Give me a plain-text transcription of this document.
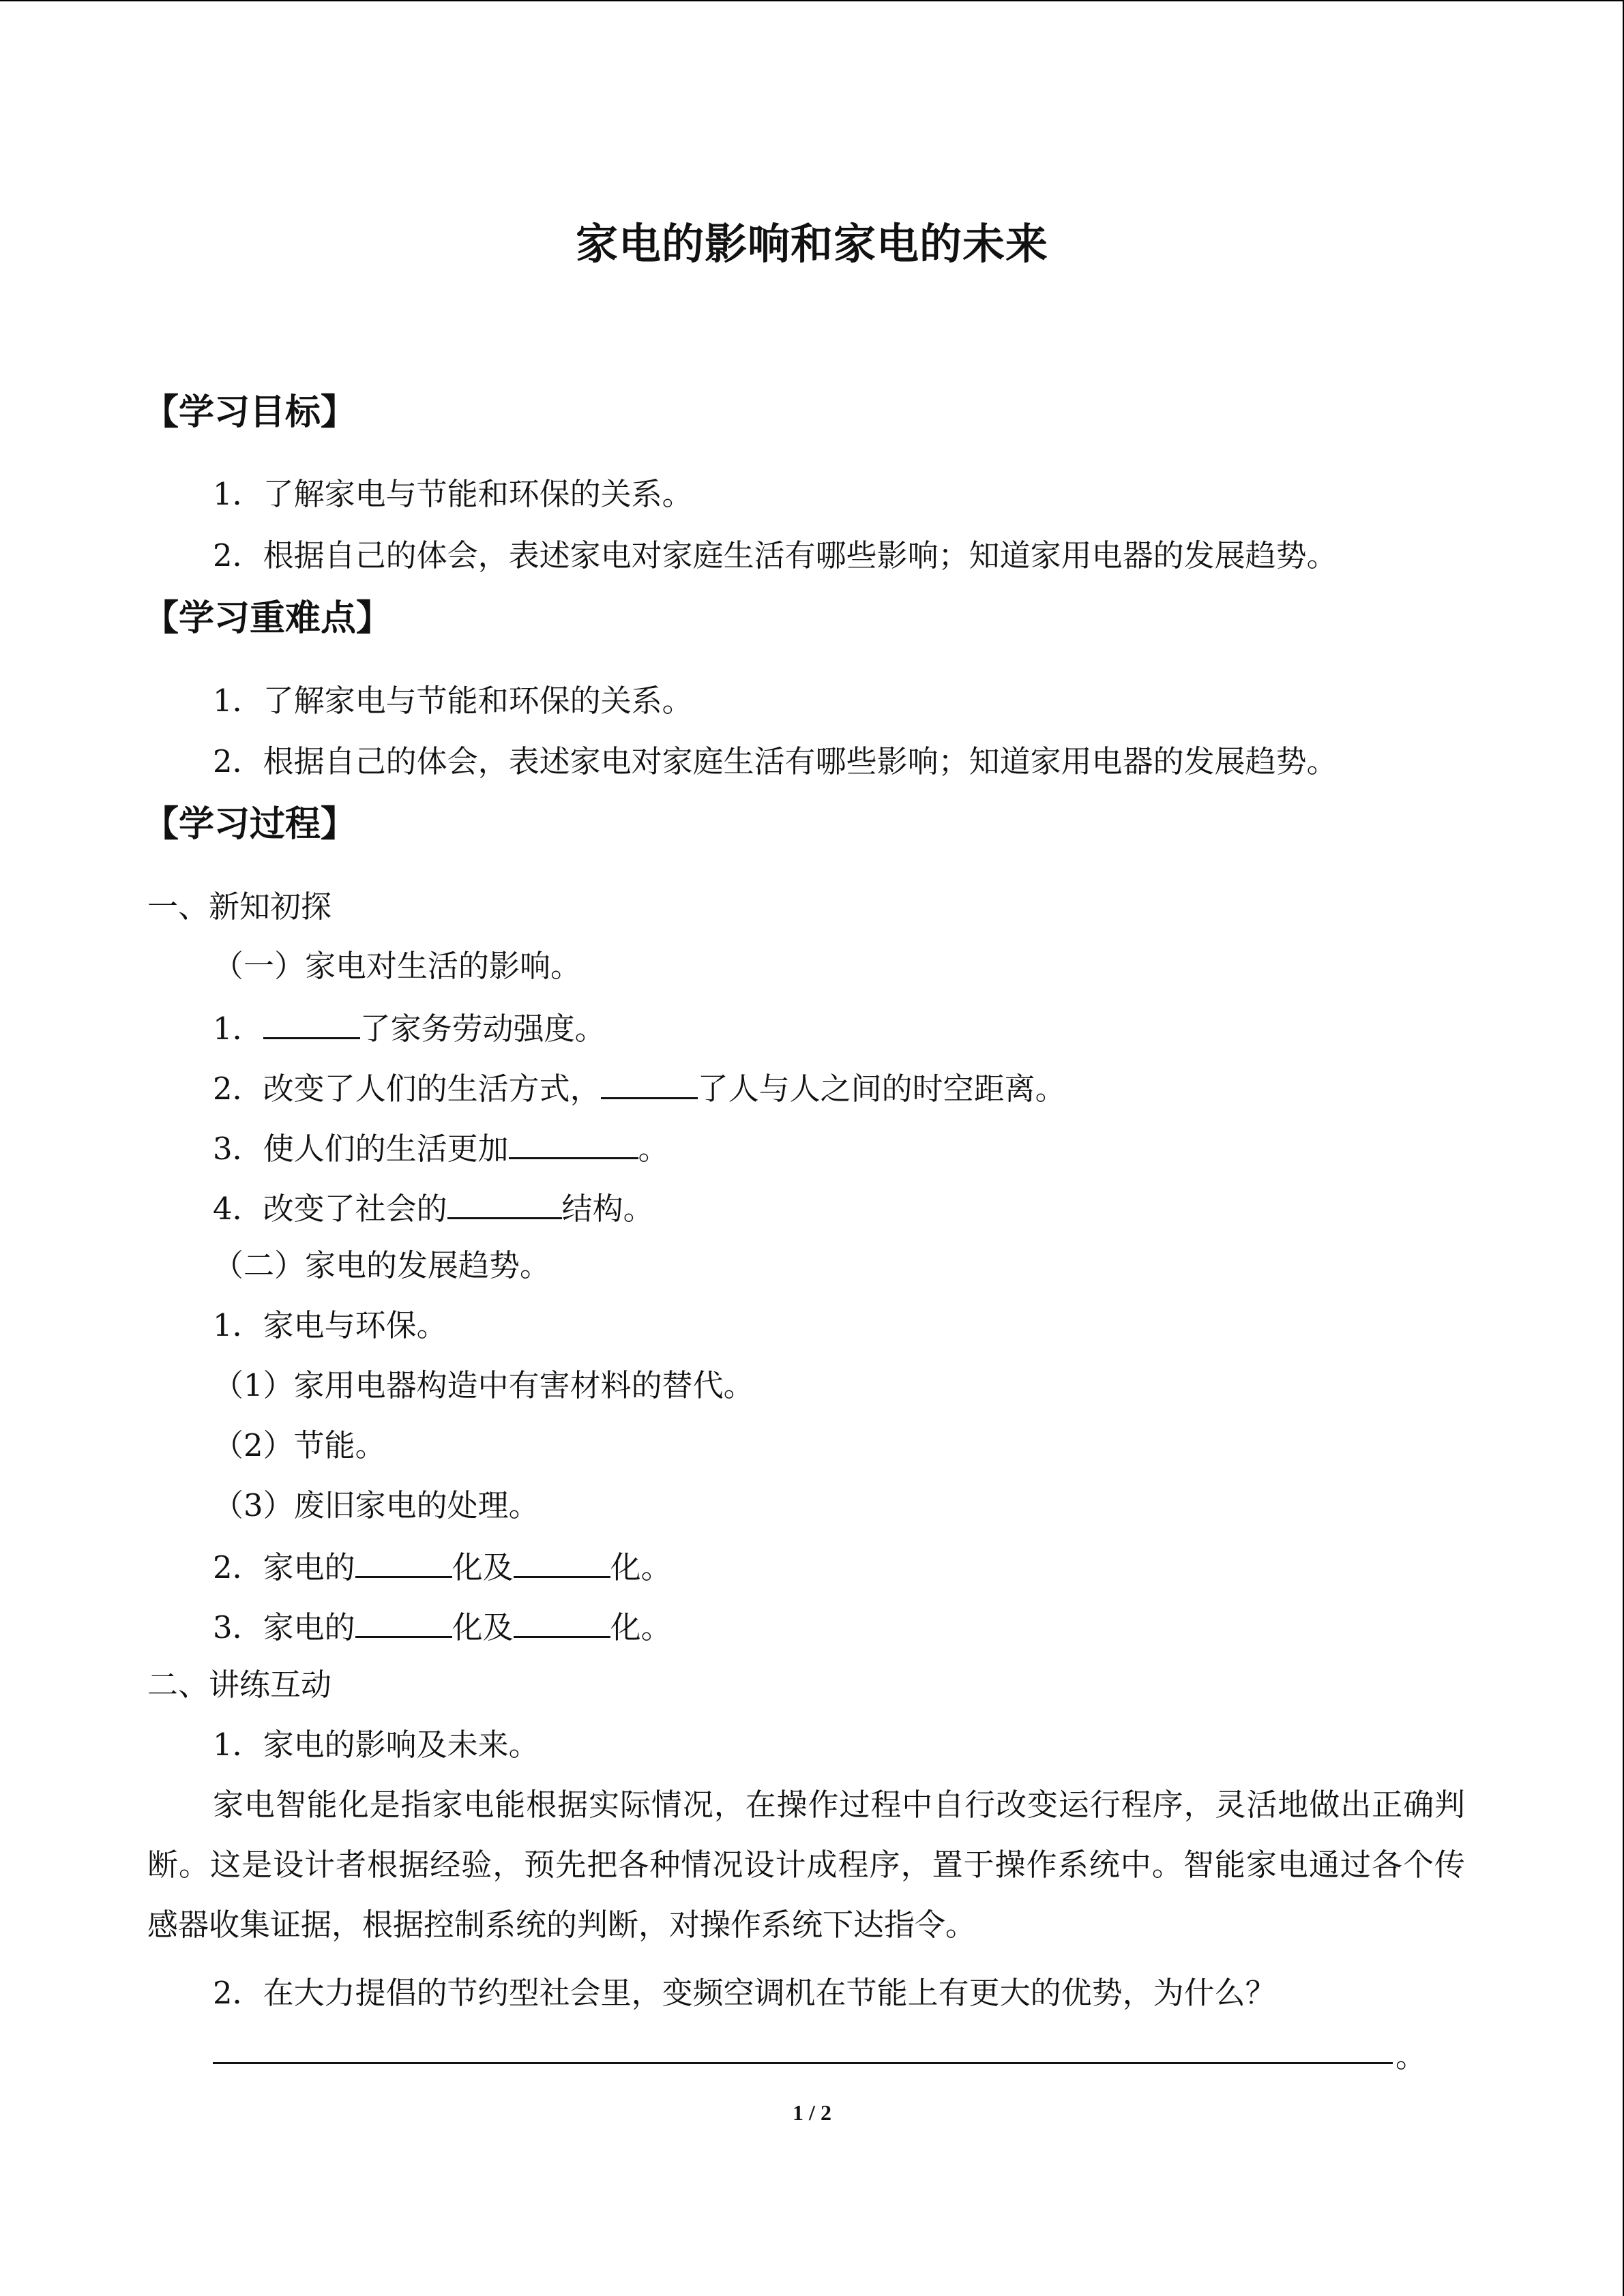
家电的影响和家电的未来
【学习目标】

1．了解家电与节能和环保的关系。

2．根据自己的体会，表述家电对家庭生活有哪些影响；知道家用电器的发展趋势。

【学习重难点】

1．了解家电与节能和环保的关系。

2．根据自己的体会，表述家电对家庭生活有哪些影响；知道家用电器的发展趋势。

【学习过程】

一、新知初探

（一）家电对生活的影响。

1．	了家务劳动强度。

2．改变了人们的生活方式，	了人与人之间的时空距离。

3．使人们的生活更加	。

4．改变了社会的	结构。

（二）家电的发展趋势。

1．家电与环保。

（1）家用电器构造中有害材料的替代。

（2）节能。

（3）废旧家电的处理。

2．家电的	化及	化。

3．家电的	化及	化。

二、讲练互动

1．家电的影响及未来。

家电智能化是指家电能根据实际情况，在操作过程中自行改变运行程序，灵活地做出正确判断。这是设计者根据经验，预先把各种情况设计成程序，置于操作系统中。智能家电通过各个传感器收集证据，根据控制系统的判断，对操作系统下达指令。

2．在大力提倡的节约型社会里，变频空调机在节能上有更大的优势，为什么？

。
1 / 2
